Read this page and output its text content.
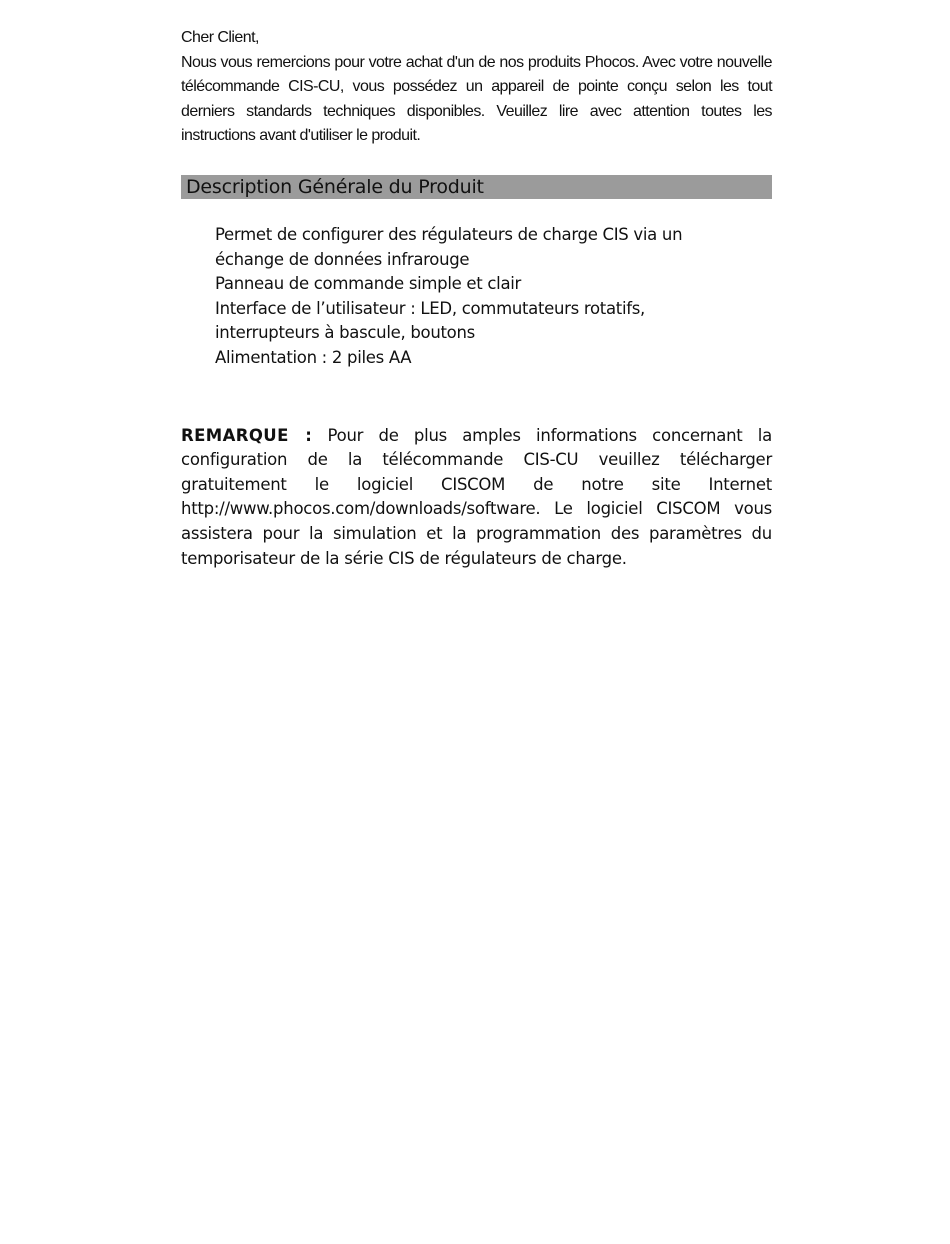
Cher Client,

Nous vous remercions pour votre achat d'un de nos produits Phocos. Avec votre nouvelle télécommande CIS-CU, vous possédez un appareil de pointe conçu selon les tout derniers standards techniques disponibles. Veuillez lire avec attention toutes les instructions avant d'utiliser le produit.

Description Générale du Produit
Permet de configurer des régulateurs de charge CIS via un échange de données infrarouge
Panneau de commande simple et clair
Interface de l’utilisateur : LED, commutateurs rotatifs, interrupteurs à bascule, boutons
Alimentation : 2 piles AA
REMARQUE : Pour de plus amples informations concernant la configuration de la télécommande CIS-CU veuillez télécharger gratuitement le logiciel CISCOM de notre site Internet http://www.phocos.com/downloads/software. Le logiciel CISCOM vous assistera pour la simulation et la programmation des paramètres du temporisateur de la série CIS de régulateurs de charge.
